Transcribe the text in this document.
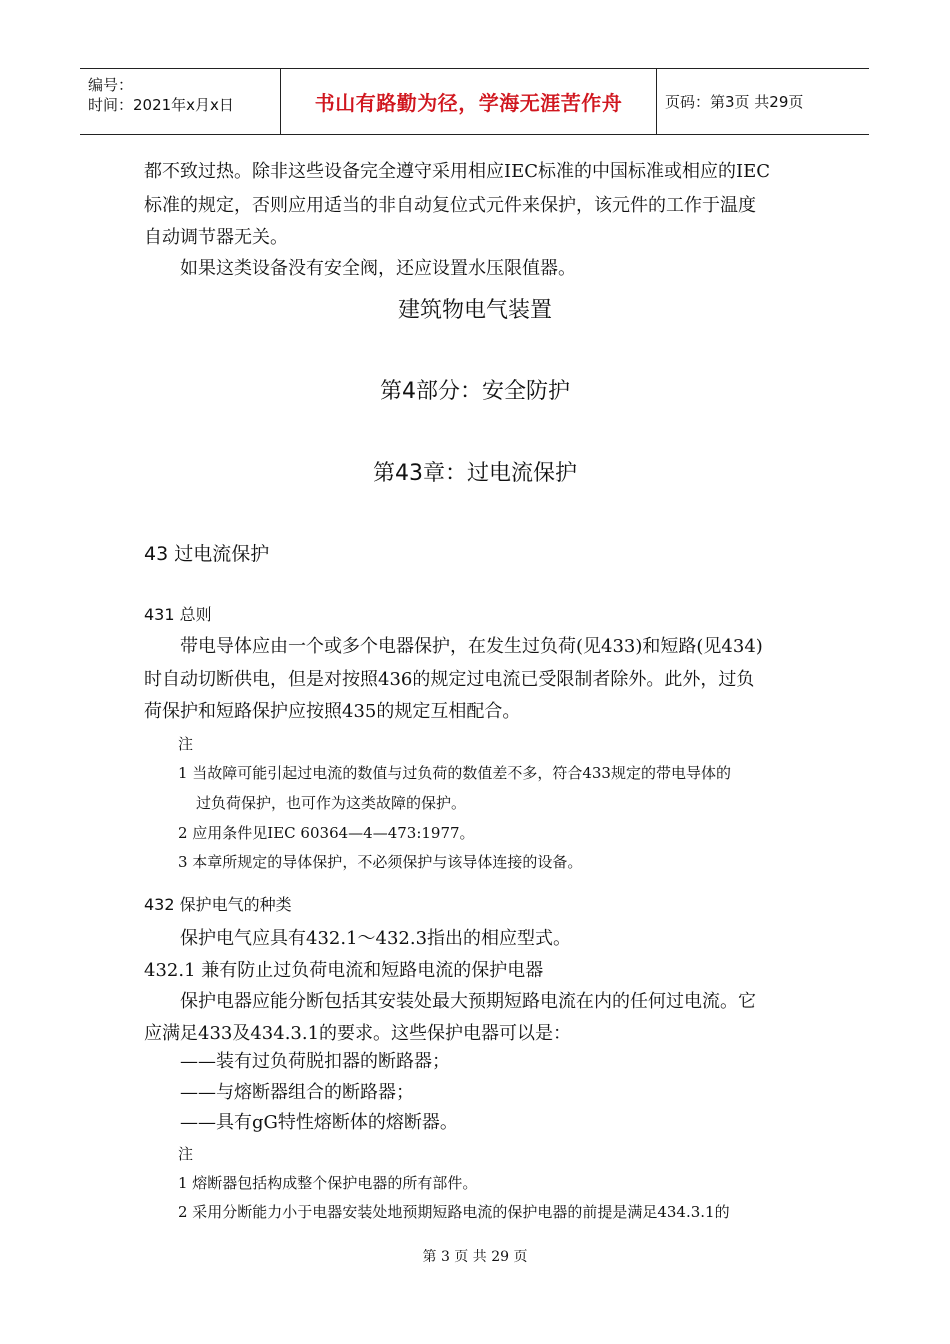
编号：
时间：2021年x月x日	书山有路勤为径，学海无涯苦作舟	页码：第3页 共29页
都不致过热。除非这些设备完全遵守采用相应IEC标准的中国标准或相应的IEC
标准的规定，否则应用适当的非自动复位式元件来保护，该元件的工作于温度
自动调节器无关。
如果这类设备没有安全阀，还应设置水压限值器。
建筑物电气装置
第4部分：安全防护
第43章：过电流保护
43 过电流保护
431 总则
带电导体应由一个或多个电器保护，在发生过负荷(见433)和短路(见434)
时自动切断供电，但是对按照436的规定过电流已受限制者除外。此外，过负
荷保护和短路保护应按照435的规定互相配合。
注
1 当故障可能引起过电流的数值与过负荷的数值差不多，符合433规定的带电导体的
过负荷保护，也可作为这类故障的保护。
2 应用条件见IEC 60364—4—473:1977。
3 本章所规定的导体保护，不必须保护与该导体连接的设备。
432 保护电气的种类
保护电气应具有432.1～432.3指出的相应型式。
432.1 兼有防止过负荷电流和短路电流的保护电器
保护电器应能分断包括其安装处最大预期短路电流在内的任何过电流。它
应满足433及434.3.1的要求。这些保护电器可以是：
——装有过负荷脱扣器的断路器；
——与熔断器组合的断路器；
——具有gG特性熔断体的熔断器。
注
1 熔断器包括构成整个保护电器的所有部件。
2 采用分断能力小于电器安装处地预期短路电流的保护电器的前提是满足434.3.1的
第 3 页 共 29 页
